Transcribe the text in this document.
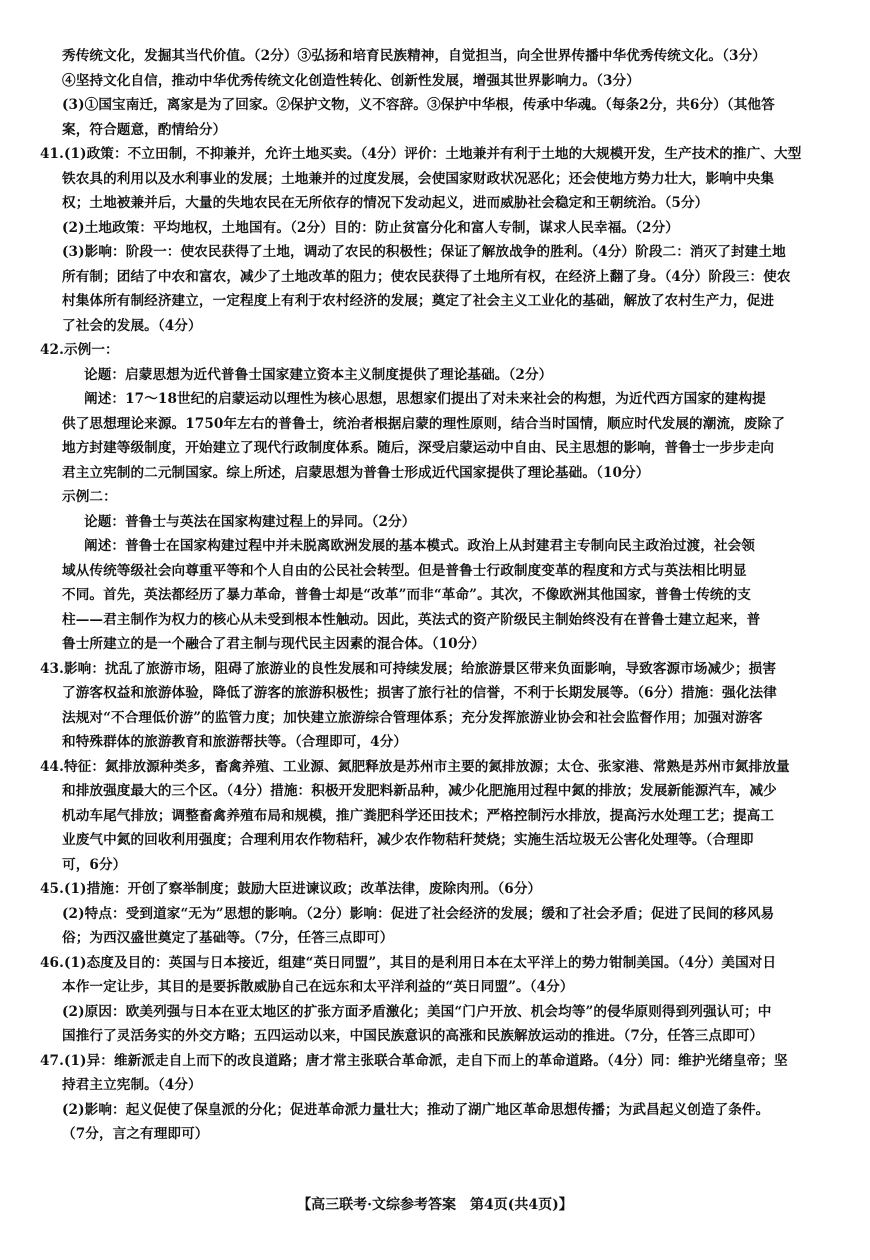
秀传统文化，发掘其当代价值。（2分）③弘扬和培育民族精神，自觉担当，向全世界传播中华优秀传统文化。（3分）
④坚持文化自信，推动中华优秀传统文化创造性转化、创新性发展，增强其世界影响力。（3分）
(3)①国宝南迁，离家是为了回家。②保护文物，义不容辞。③保护中华根，传承中华魂。（每条2分，共6分）（其他答
案，符合题意，酌情给分）
41.(1)政策：不立田制，不抑兼并，允许土地买卖。（4分）评价：土地兼并有利于土地的大规模开发，生产技术的推广、大型
铁农具的利用以及水利事业的发展；土地兼并的过度发展，会使国家财政状况恶化；还会使地方势力壮大，影响中央集
权；土地被兼并后，大量的失地农民在无所依存的情况下发动起义，进而威胁社会稳定和王朝统治。（5分）
(2)土地政策：平均地权，土地国有。（2分）目的：防止贫富分化和富人专制，谋求人民幸福。（2分）
(3)影响：阶段一：使农民获得了土地，调动了农民的积极性；保证了解放战争的胜利。（4分）阶段二：消灭了封建土地
所有制；团结了中农和富农，减少了土地改革的阻力；使农民获得了土地所有权，在经济上翻了身。（4分）阶段三：使农
村集体所有制经济建立，一定程度上有利于农村经济的发展；奠定了社会主义工业化的基础，解放了农村生产力，促进
了社会的发展。（4分）
42.示例一：
论题：启蒙思想为近代普鲁士国家建立资本主义制度提供了理论基础。（2分）
阐述：17～18世纪的启蒙运动以理性为核心思想，思想家们提出了对未来社会的构想，为近代西方国家的建构提
供了思想理论来源。1750年左右的普鲁士，统治者根据启蒙的理性原则，结合当时国情，顺应时代发展的潮流，废除了
地方封建等级制度，开始建立了现代行政制度体系。随后，深受启蒙运动中自由、民主思想的影响，普鲁士一步步走向
君主立宪制的二元制国家。综上所述，启蒙思想为普鲁士形成近代国家提供了理论基础。（10分）
示例二：
论题：普鲁士与英法在国家构建过程上的异同。（2分）
阐述：普鲁士在国家构建过程中并未脱离欧洲发展的基本模式。政治上从封建君主专制向民主政治过渡，社会领
域从传统等级社会向尊重平等和个人自由的公民社会转型。但是普鲁士行政制度变革的程度和方式与英法相比明显
不同。首先，英法都经历了暴力革命，普鲁士却是“改革”而非“革命”。其次，不像欧洲其他国家，普鲁士传统的支
柱——君主制作为权力的核心从未受到根本性触动。因此，英法式的资产阶级民主制始终没有在普鲁士建立起来，普
鲁士所建立的是一个融合了君主制与现代民主因素的混合体。（10分）
43.影响：扰乱了旅游市场，阻碍了旅游业的良性发展和可持续发展；给旅游景区带来负面影响，导致客源市场减少；损害
了游客权益和旅游体验，降低了游客的旅游积极性；损害了旅行社的信誉，不利于长期发展等。（6分）措施：强化法律
法规对“不合理低价游”的监管力度；加快建立旅游综合管理体系；充分发挥旅游业协会和社会监督作用；加强对游客
和特殊群体的旅游教育和旅游帮扶等。（合理即可，4分）
44.特征：氮排放源种类多，畜禽养殖、工业源、氮肥释放是苏州市主要的氮排放源；太仓、张家港、常熟是苏州市氮排放量
和排放强度最大的三个区。（4分）措施：积极开发肥料新品种，减少化肥施用过程中氮的排放；发展新能源汽车，减少
机动车尾气排放；调整畜禽养殖布局和规模，推广粪肥科学还田技术；严格控制污水排放，提高污水处理工艺；提高工
业废气中氮的回收利用强度；合理利用农作物秸秆，减少农作物秸秆焚烧；实施生活垃圾无公害化处理等。（合理即
可，6分）
45.(1)措施：开创了察举制度；鼓励大臣进谏议政；改革法律，废除肉刑。（6分）
(2)特点：受到道家“无为”思想的影响。（2分）影响：促进了社会经济的发展；缓和了社会矛盾；促进了民间的移风易
俗；为西汉盛世奠定了基础等。（7分，任答三点即可）
46.(1)态度及目的：英国与日本接近，组建“英日同盟”，其目的是利用日本在太平洋上的势力钳制美国。（4分）美国对日
本作一定让步，其目的是要拆散威胁自己在远东和太平洋利益的“英日同盟”。（4分）
(2)原因：欧美列强与日本在亚太地区的扩张方面矛盾激化；美国“门户开放、机会均等”的侵华原则得到列强认可；中
国推行了灵活务实的外交方略；五四运动以来，中国民族意识的高涨和民族解放运动的推进。（7分，任答三点即可）
47.(1)异：维新派走自上而下的改良道路；唐才常主张联合革命派，走自下而上的革命道路。（4分）同：维护光绪皇帝；坚
持君主立宪制。（4分）
(2)影响：起义促使了保皇派的分化；促进革命派力量壮大；推动了湖广地区革命思想传播；为武昌起义创造了条件。
（7分，言之有理即可）
【高三联考·文综参考答案　第4页(共4页)】
